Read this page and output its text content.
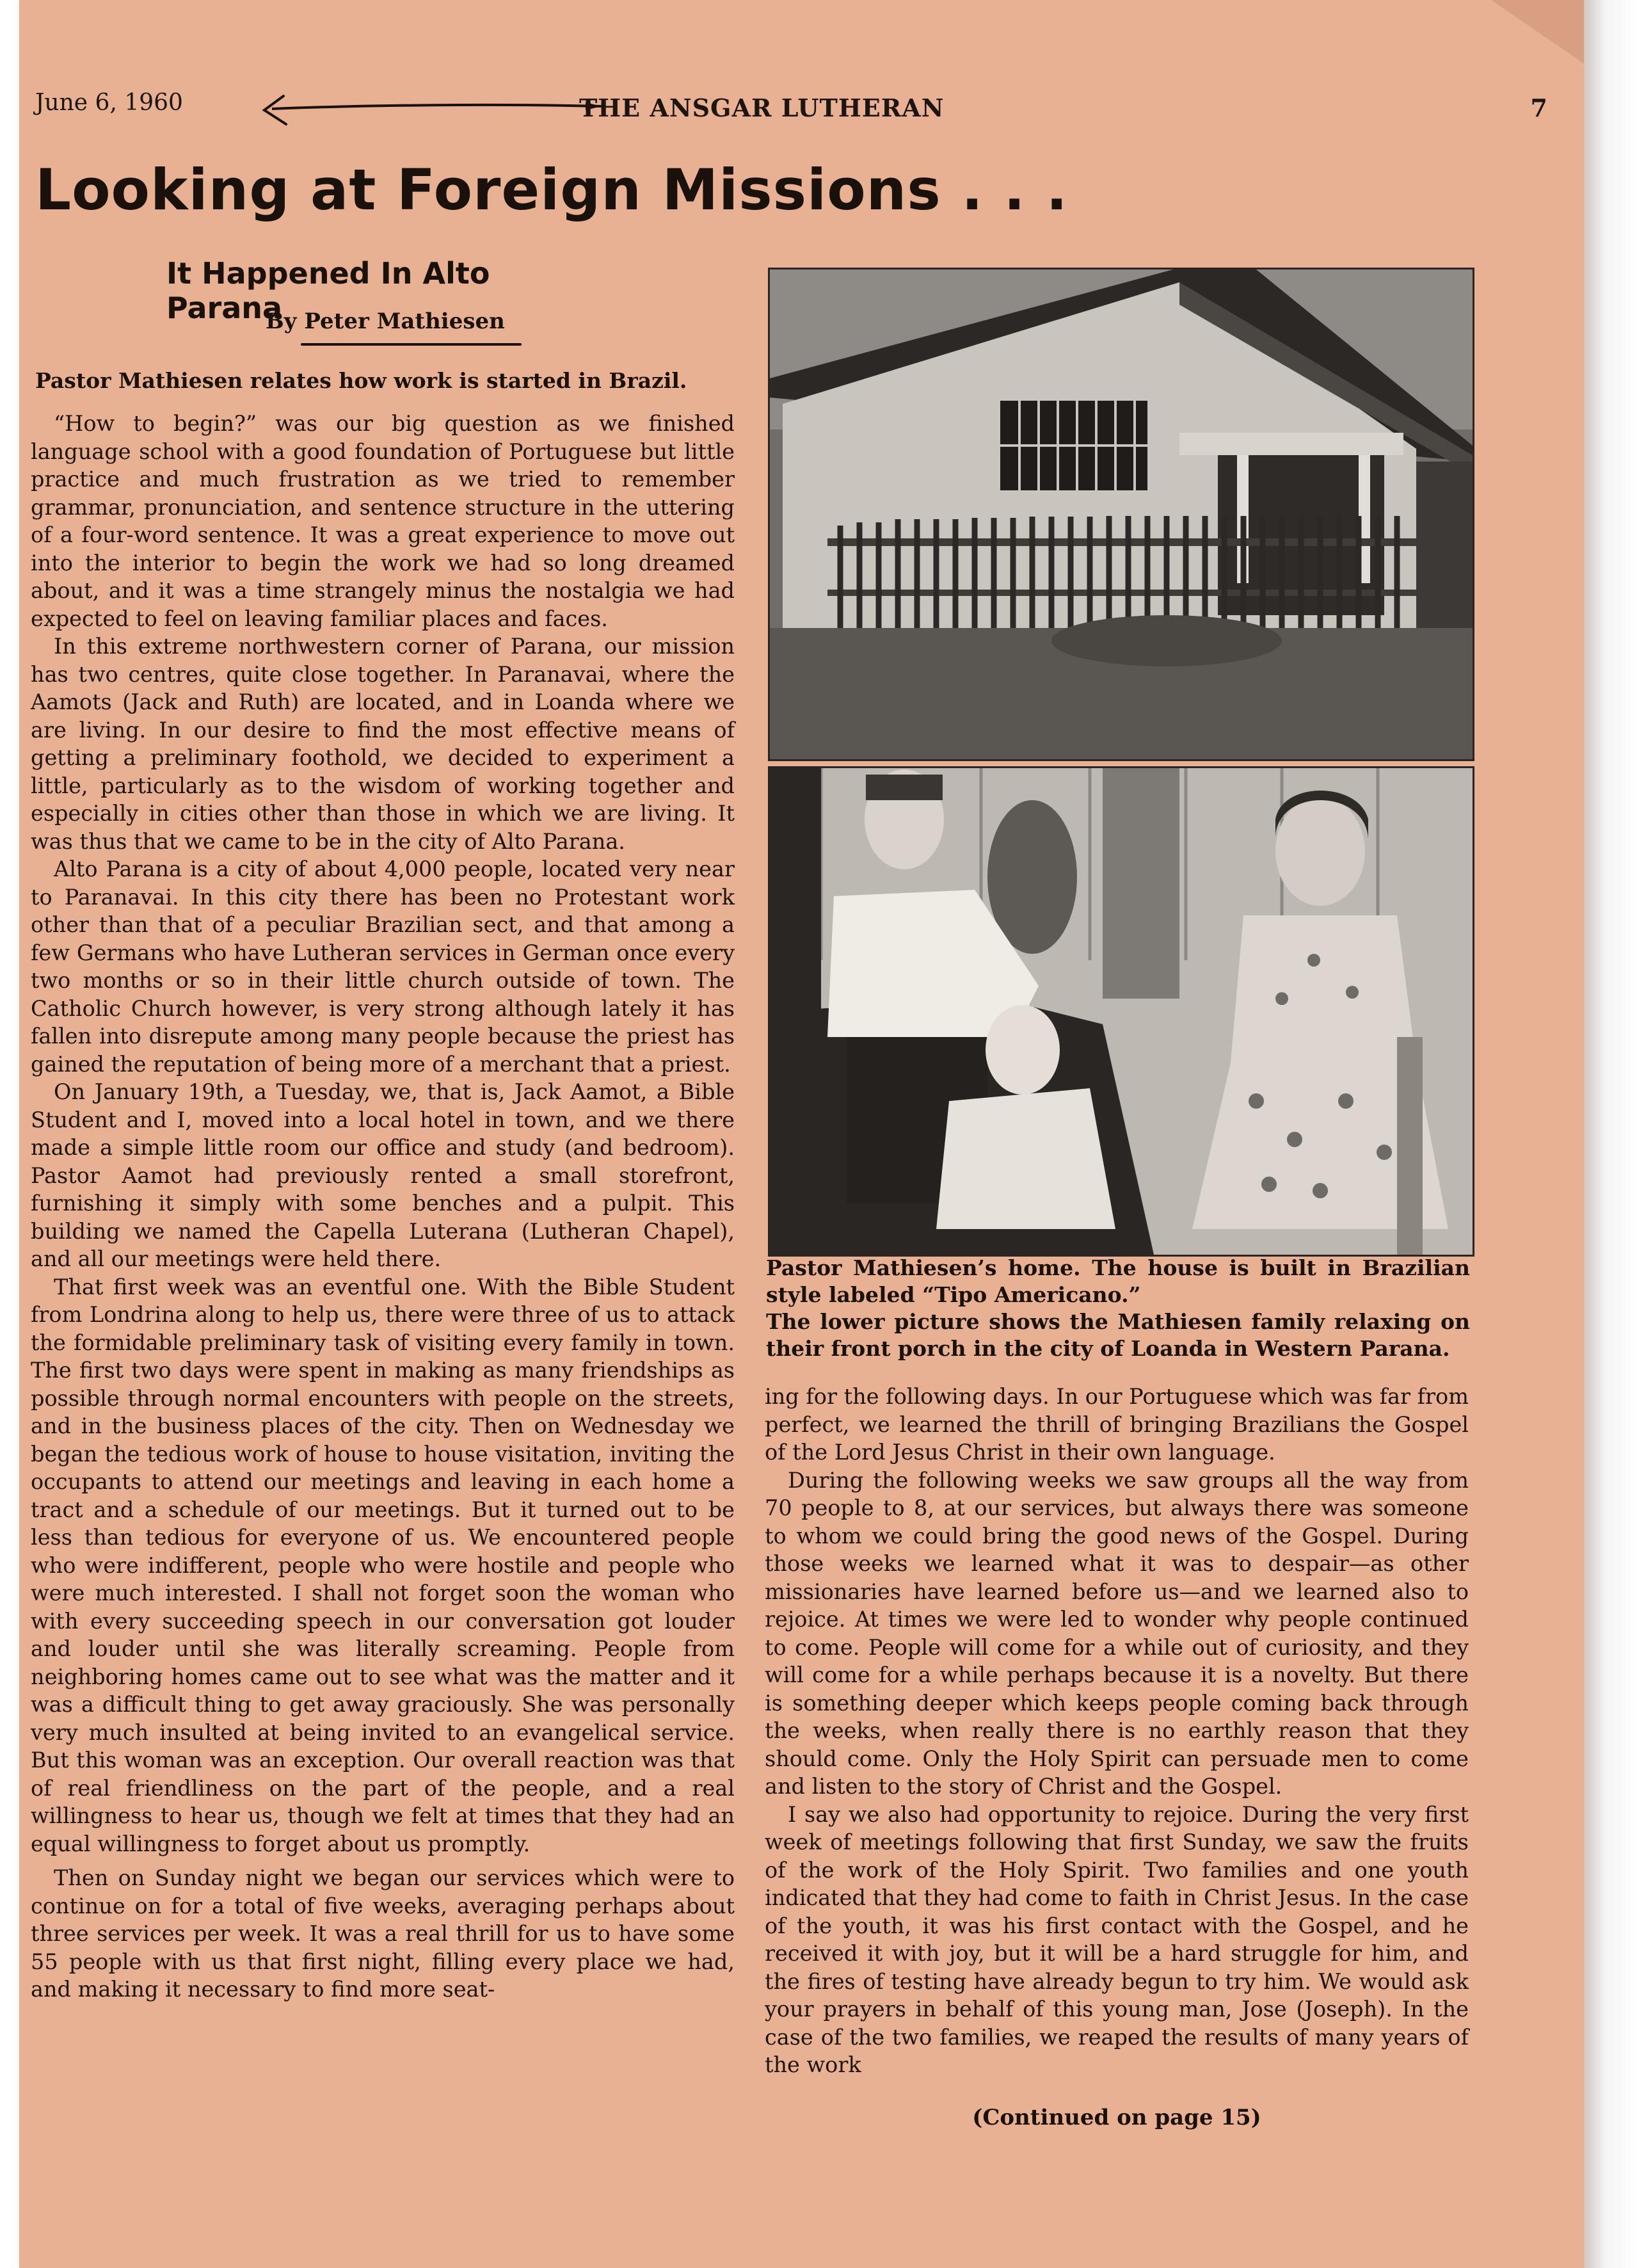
June 6, 1960	THE ANSGAR LUTHERAN	7
Looking at Foreign Missions . . .
It Happened In Alto Parana
By Peter Mathiesen
Pastor Mathiesen relates how work is started in Brazil.

“How to begin?” was our big question as we finished language school with a good foundation of Portuguese but little practice and much frustration as we tried to remember grammar, pronunciation, and sentence structure in the uttering of a four-word sentence. It was a great experience to move out into the interior to begin the work we had so long dreamed about, and it was a time strangely minus the nostalgia we had expected to feel on leaving familiar places and faces.

In this extreme northwestern corner of Parana, our mission has two centres, quite close together. In Paranavai, where the Aamots (Jack and Ruth) are located, and in Loanda where we are living. In our desire to find the most effective means of getting a preliminary foothold, we decided to experiment a little, particularly as to the wisdom of working together and especially in cities other than those in which we are living. It was thus that we came to be in the city of Alto Parana.

Alto Parana is a city of about 4,000 people, located very near to Paranavai. In this city there has been no Protestant work other than that of a peculiar Brazilian sect, and that among a few Germans who have Lutheran services in German once every two months or so in their little church outside of town. The Catholic Church however, is very strong although lately it has fallen into disrepute among many people because the priest has gained the reputation of being more of a merchant that a priest.

On January 19th, a Tuesday, we, that is, Jack Aamot, a Bible Student and I, moved into a local hotel in town, and we there made a simple little room our office and study (and bedroom). Pastor Aamot had previously rented a small storefront, furnishing it simply with some benches and a pulpit. This building we named the Capella Luterana (Lutheran Chapel), and all our meetings were held there.

That first week was an eventful one. With the Bible Student from Londrina along to help us, there were three of us to attack the formidable preliminary task of visiting every family in town. The first two days were spent in making as many friendships as possible through normal encounters with people on the streets, and in the business places of the city. Then on Wednesday we began the tedious work of house to house visitation, inviting the occupants to attend our meetings and leaving in each home a tract and a schedule of our meetings. But it turned out to be less than tedious for everyone of us. We encountered people who were indifferent, people who were hostile and people who were much interested. I shall not forget soon the woman who with every succeeding speech in our conversation got louder and louder until she was literally screaming. People from neighboring homes came out to see what was the matter and it was a difficult thing to get away graciously. She was personally very much insulted at being invited to an evangelical service. But this woman was an exception. Our overall reaction was that of real friendliness on the part of the people, and a real willingness to hear us, though we felt at times that they had an equal willingness to forget about us promptly.

Then on Sunday night we began our services which were to continue on for a total of five weeks, averaging perhaps about three services per week. It was a real thrill for us to have some 55 people with us that first night, filling every place we had, and making it necessary to find more seat-

Pastor Mathiesen’s home. The house is built in Brazilian style labeled “Tipo Americano.”

The lower picture shows the Mathiesen family relaxing on their front porch in the city of Loanda in Western Parana.

ing for the following days. In our Portuguese which was far from perfect, we learned the thrill of bringing Brazilians the Gospel of the Lord Jesus Christ in their own language.

During the following weeks we saw groups all the way from 70 people to 8, at our services, but always there was someone to whom we could bring the good news of the Gospel. During those weeks we learned what it was to despair—as other missionaries have learned before us—and we learned also to rejoice. At times we were led to wonder why people continued to come. People will come for a while out of curiosity, and they will come for a while perhaps because it is a novelty. But there is something deeper which keeps people coming back through the weeks, when really there is no earthly reason that they should come. Only the Holy Spirit can persuade men to come and listen to the story of Christ and the Gospel.

I say we also had opportunity to rejoice. During the very first week of meetings following that first Sunday, we saw the fruits of the work of the Holy Spirit. Two families and one youth indicated that they had come to faith in Christ Jesus. In the case of the youth, it was his first contact with the Gospel, and he received it with joy, but it will be a hard struggle for him, and the fires of testing have already begun to try him. We would ask your prayers in behalf of this young man, Jose (Joseph). In the case of the two families, we reaped the results of many years of the work

(Continued on page 15)
